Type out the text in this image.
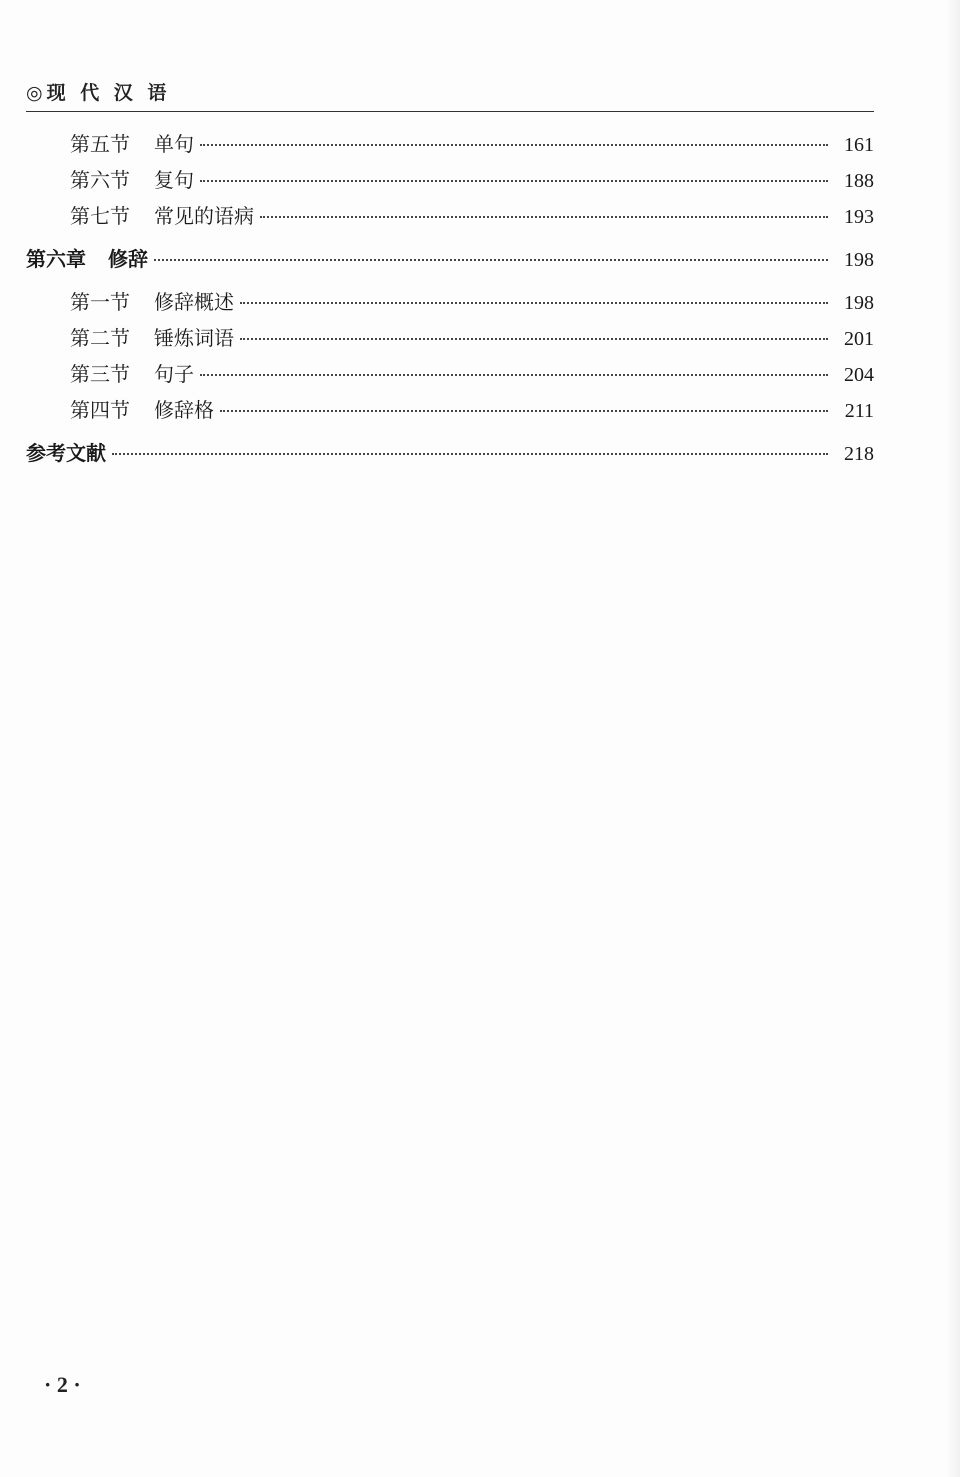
◎现 代 汉 语
第五节 单句	161
第六节 复句	188
第七节 常见的语病	193
第六章 修辞	198
第一节 修辞概述	198
第二节 锤炼词语	201
第三节 句子	204
第四节 修辞格	211
参考文献	218
· 2 ·
